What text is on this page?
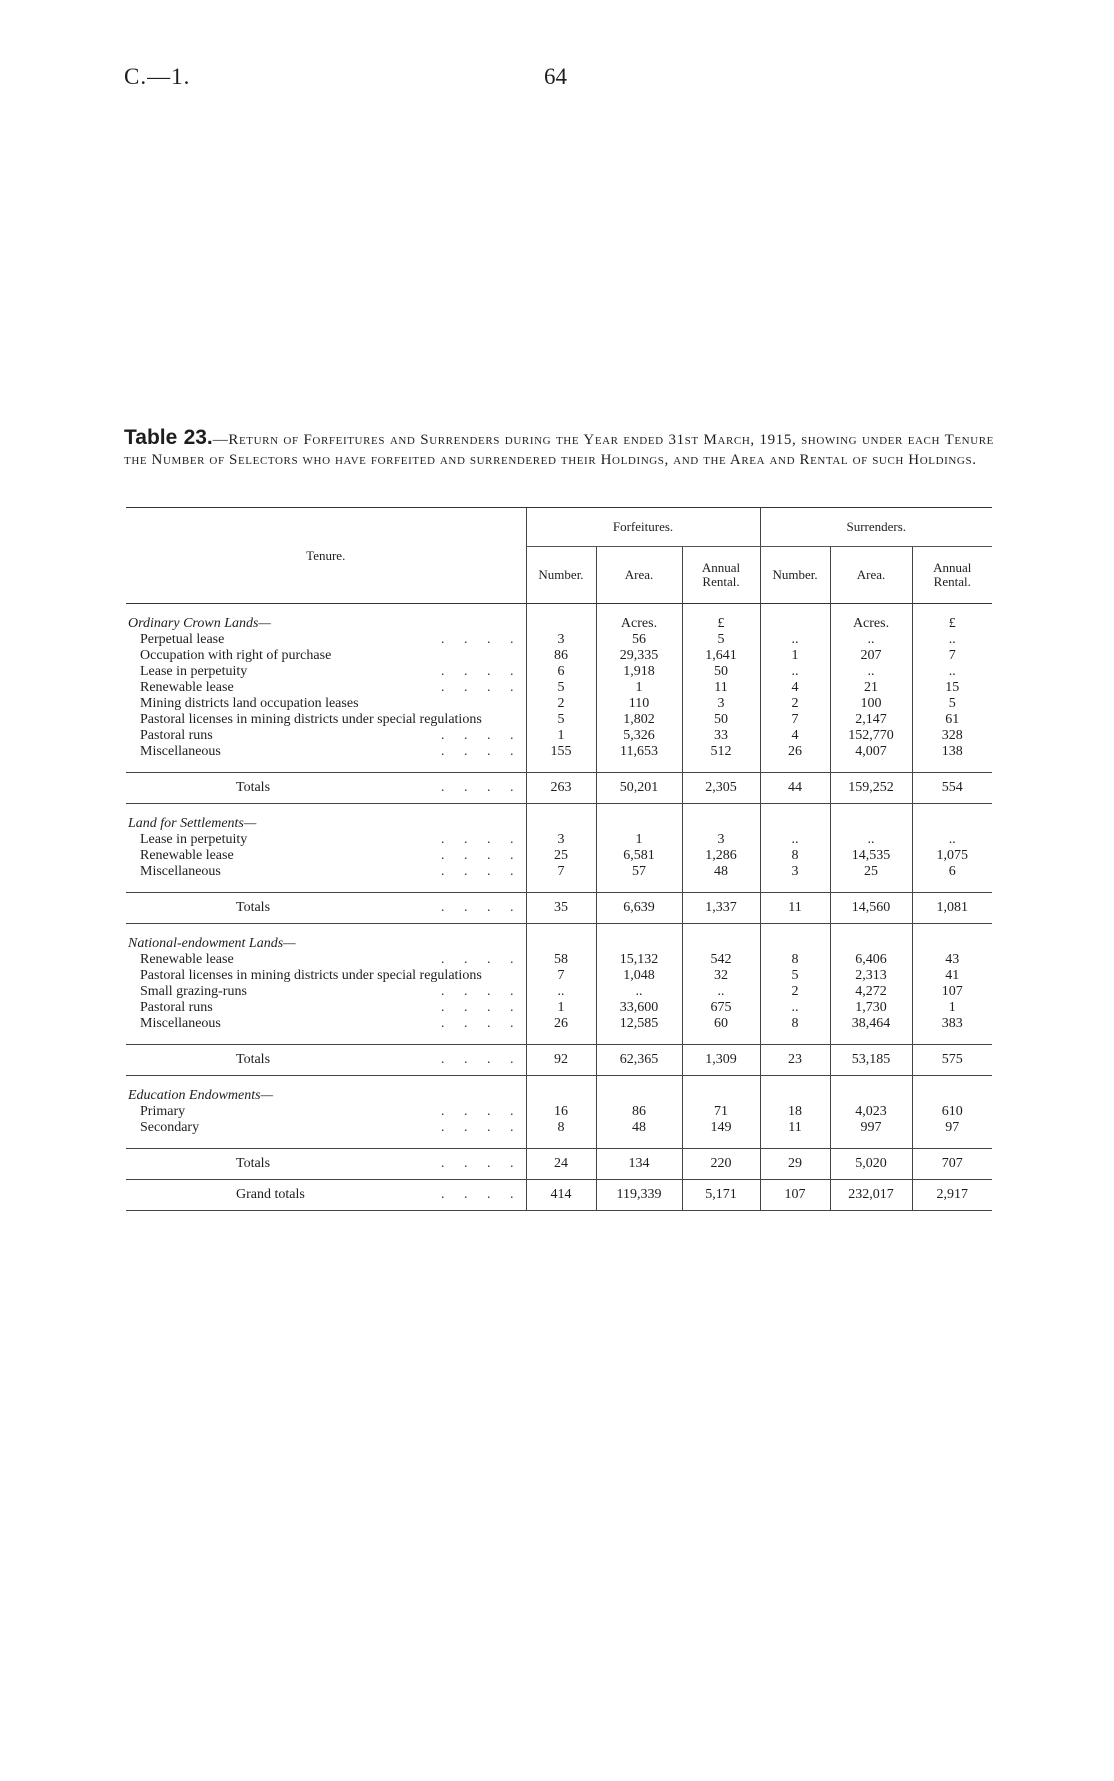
C.—1.	64
Table 23.—Return of Forfeitures and Surrenders during the Year ended 31st March, 1915, showing under each Tenure the Number of Selectors who have forfeited and surrendered their Holdings, and the Area and Rental of such Holdings.
Tenure.	Forfeitures.			Surrenders.		
	Number.	Area.	Annual Rental.	Number.	Area.	Annual Rental.

Ordinary Crown Lands—		Acres.	£		Acres.	£
Perpetual lease . . . .	3	56	5	..	..	..
Occupation with right of purchase	86	29,335	1,641	1	207	7
Lease in perpetuity . . . .	6	1,918	50	..	..	..
Renewable lease . . . .	5	1	11	4	21	15
Mining districts land occupation leases	2	110	3	2	100	5
Pastoral licenses in mining districts under special regulations	5	1,802	50	7	2,147	61
Pastoral runs . . . .	1	5,326	33	4	152,770	328
Miscellaneous . . . .	155	11,653	512	26	4,007	138

Totals . . . .	263	50,201	2,305	44	159,252	554

Land for Settlements—						
Lease in perpetuity . . . .	3	1	3	..	..	..
Renewable lease . . . .	25	6,581	1,286	8	14,535	1,075
Miscellaneous . . . .	7	57	48	3	25	6

Totals . . . .	35	6,639	1,337	11	14,560	1,081

National-endowment Lands—						
Renewable lease . . . .	58	15,132	542	8	6,406	43
Pastoral licenses in mining districts under special regulations	7	1,048	32	5	2,313	41
Small grazing-runs . . . .	..	..	..	2	4,272	107
Pastoral runs . . . .	1	33,600	675	..	1,730	1
Miscellaneous . . . .	26	12,585	60	8	38,464	383

Totals . . . .	92	62,365	1,309	23	53,185	575

Education Endowments—						
Primary . . . .	16	86	71	18	4,023	610
Secondary . . . .	8	48	149	11	997	97

Totals . . . .	24	134	220	29	5,020	707
Grand totals . . . .	414	119,339	5,171	107	232,017	2,917
